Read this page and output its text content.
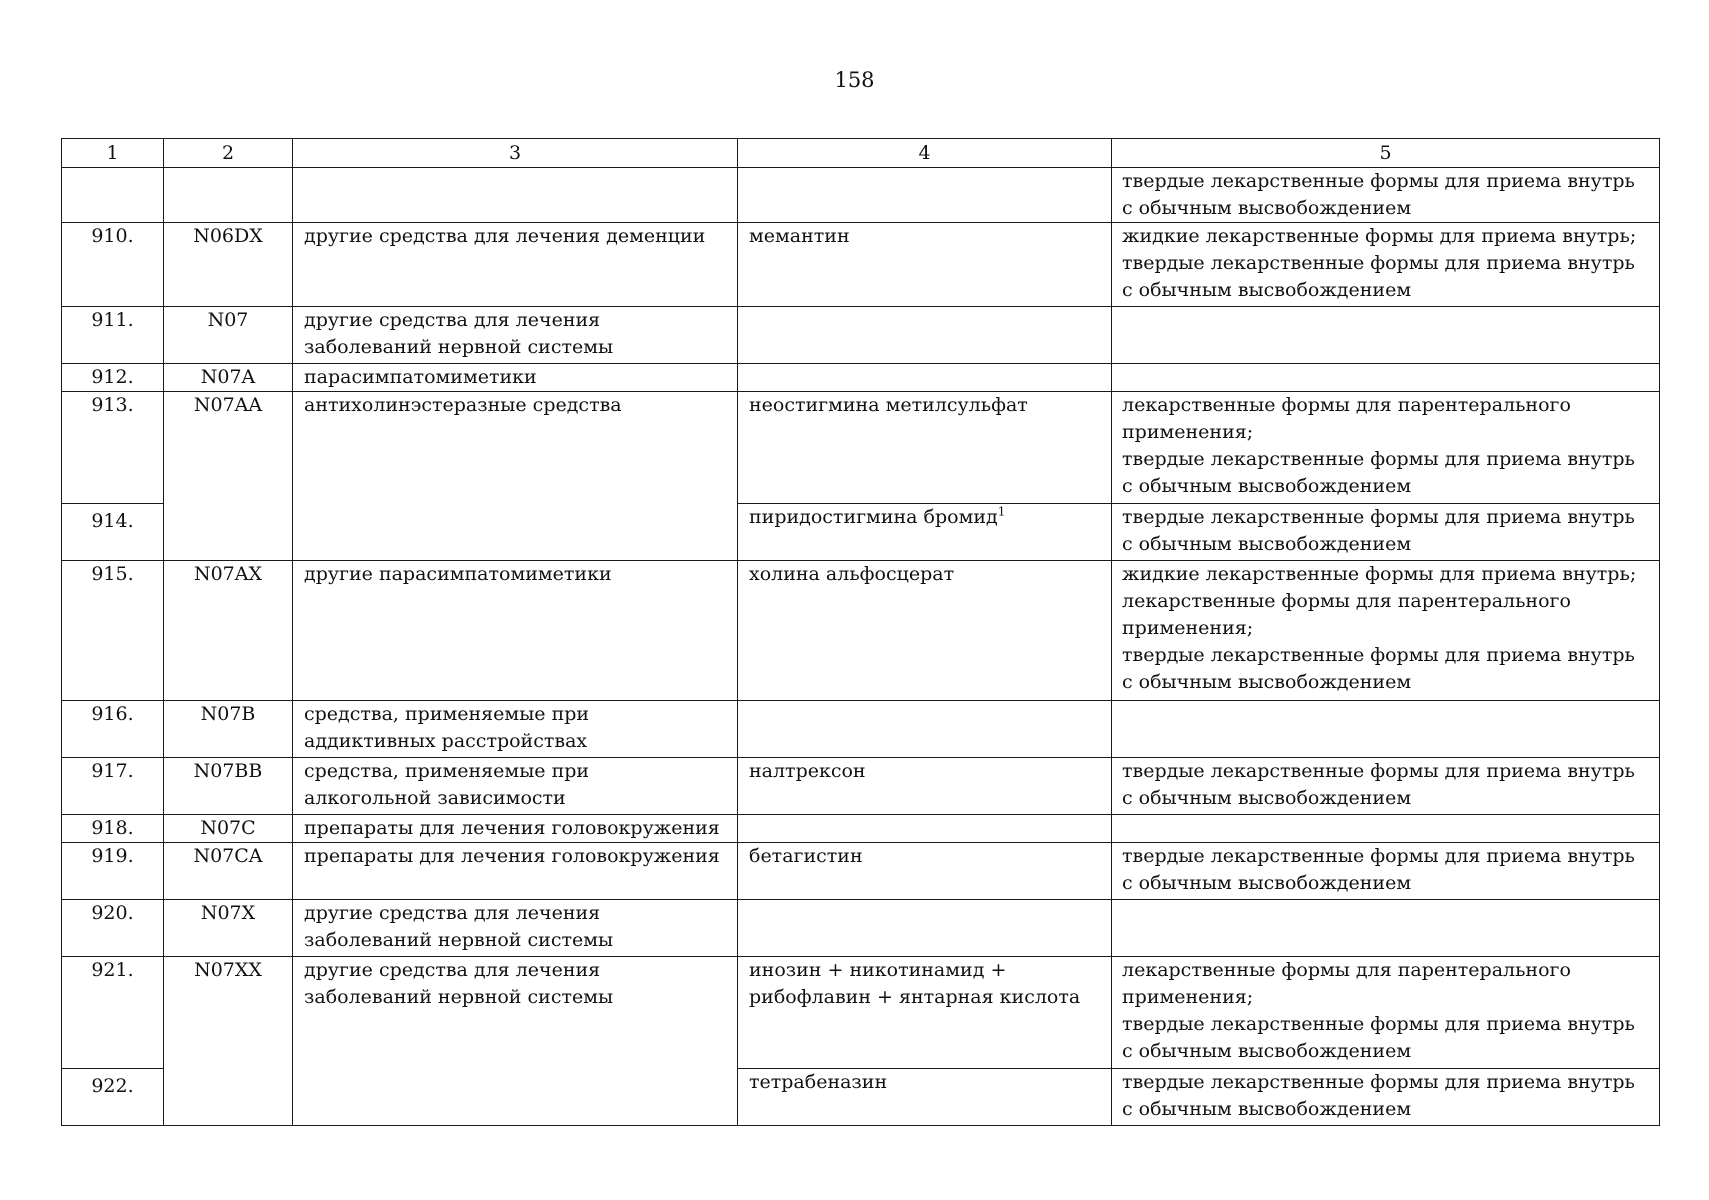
158
1	2	3	4	5

				твердые лекарственные формы для приема внутрь
с обычным высвобождением

910.	N06DX	другие средства для лечения деменции	мемантин	жидкие лекарственные формы для приема внутрь;
твердые лекарственные формы для приема внутрь
с обычным высвобождением

911.	N07	другие средства для лечения
заболеваний нервной системы		

912.	N07A	парасимпатомиметики		

913.	N07AA	антихолинэстеразные средства	неостигмина метилсульфат	лекарственные формы для парентерального
применения;
твердые лекарственные формы для приема внутрь
с обычным высвобождением

914.			пиридостигмина бромид$^1$	твердые лекарственные формы для приема внутрь
с обычным высвобождением

915.	N07AX	другие парасимпатомиметики	холина альфосцерат	жидкие лекарственные формы для приема внутрь;
лекарственные формы для парентерального
применения;
твердые лекарственные формы для приема внутрь
с обычным высвобождением

916.	N07B	средства, применяемые при
аддиктивных расстройствах		

917.	N07BB	средства, применяемые при
алкогольной зависимости	налтрексон	твердые лекарственные формы для приема внутрь
с обычным высвобождением

918.	N07C	препараты для лечения головокружения		

919.	N07CA	препараты для лечения головокружения	бетагистин	твердые лекарственные формы для приема внутрь
с обычным высвобождением

920.	N07X	другие средства для лечения
заболеваний нервной системы		

921.	N07XX	другие средства для лечения
заболеваний нервной системы	инозин + никотинамид +
рибофлавин + янтарная кислота	лекарственные формы для парентерального
применения;
твердые лекарственные формы для приема внутрь
с обычным высвобождением

922.			тетрабеназин	твердые лекарственные формы для приема внутрь
с обычным высвобождением
